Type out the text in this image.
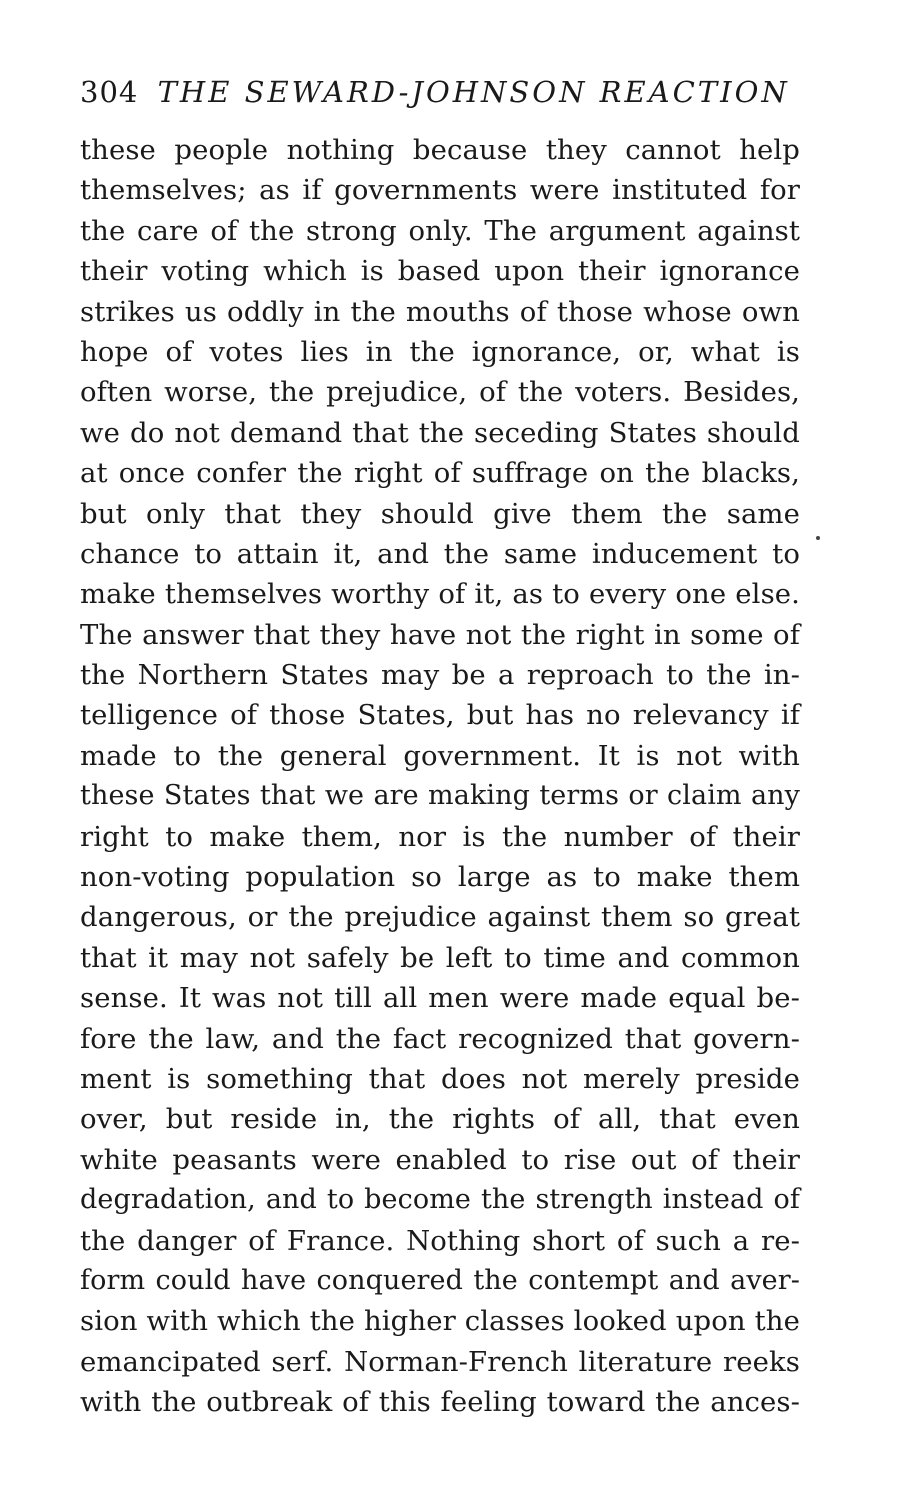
304 THE SEWARD-JOHNSON REACTION
these people nothing because they cannot help
themselves; as if governments were instituted for
the care of the strong only. The argument against
their voting which is based upon their ignorance
strikes us oddly in the mouths of those whose own
hope of votes lies in the ignorance, or, what is
often worse, the prejudice, of the voters. Besides,
we do not demand that the seceding States should
at once confer the right of suffrage on the blacks,
but only that they should give them the same
chance to attain it, and the same inducement to
make themselves worthy of it, as to every one else.
The answer that they have not the right in some of
the Northern States may be a reproach to the in-
telligence of those States, but has no relevancy if
made to the general government. It is not with
these States that we are making terms or claim any
right to make them, nor is the number of their
non-voting population so large as to make them
dangerous, or the prejudice against them so great
that it may not safely be left to time and common
sense. It was not till all men were made equal be-
fore the law, and the fact recognized that govern-
ment is something that does not merely preside
over, but reside in, the rights of all, that even
white peasants were enabled to rise out of their
degradation, and to become the strength instead of
the danger of France. Nothing short of such a re-
form could have conquered the contempt and aver-
sion with which the higher classes looked upon the
emancipated serf. Norman-French literature reeks
with the outbreak of this feeling toward the ances-
